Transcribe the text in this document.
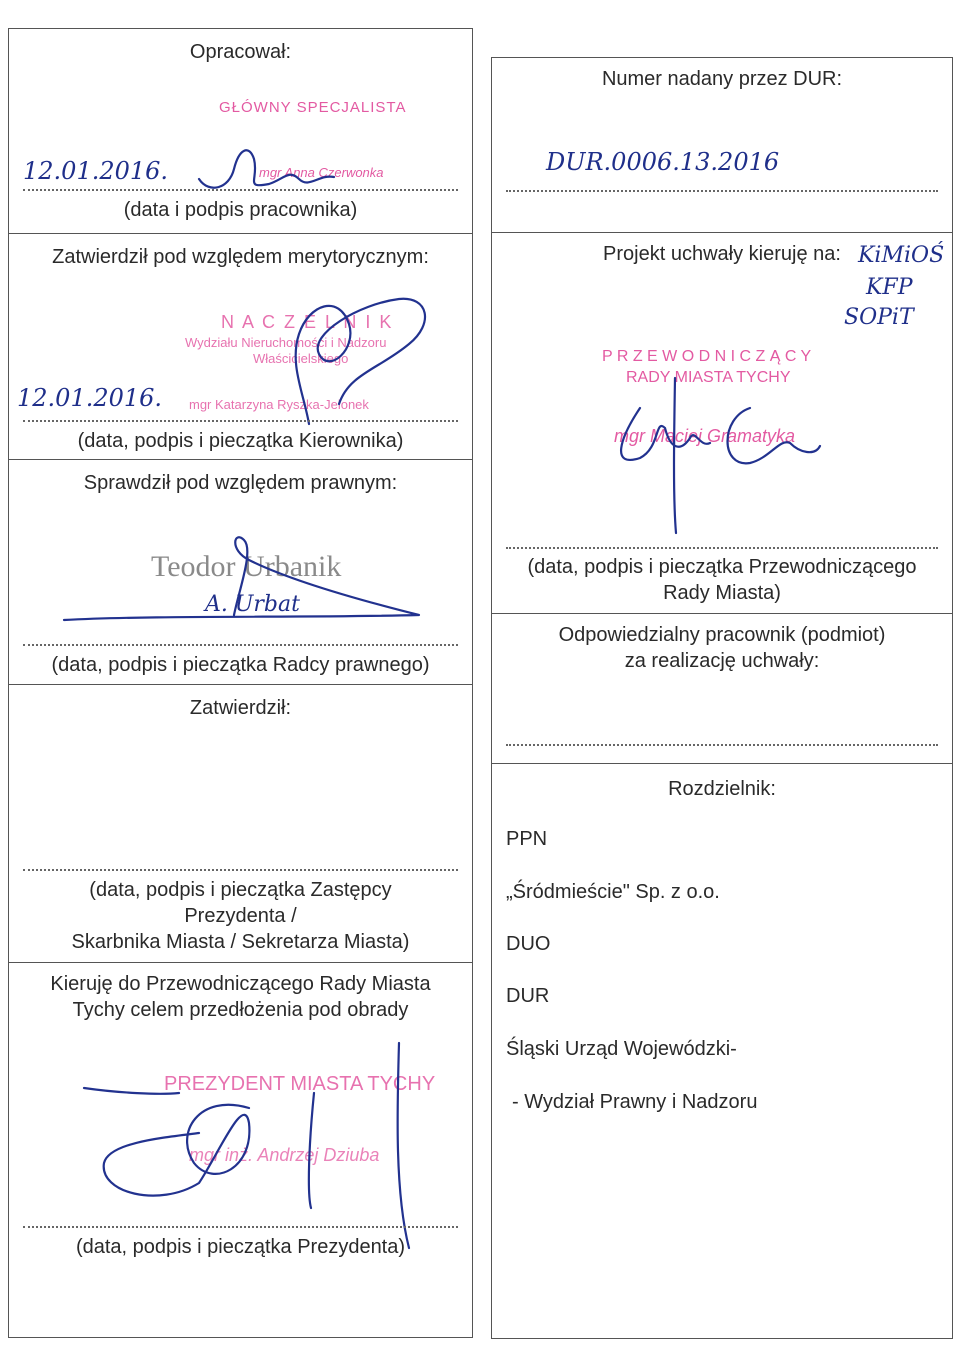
Opracował:
GŁÓWNY SPECJALISTA
mgr Anna Czerwonka
12.01.2016.
(data i podpis pracownika)
Zatwierdził pod względem merytorycznym:
N A C Z E L N I K
Wydziału Nieruchomości i Nadzoru
Właścicielskiego
mgr Katarzyna Ryszka-Jelonek
12.01.2016.
(data, podpis i pieczątka Kierownika)
Sprawdził pod względem prawnym:
Teodor Urbanik
A. Urbat
(data, podpis i pieczątka Radcy prawnego)
Zatwierdził:
(data, podpis i pieczątka Zastępcy
Prezydenta /
Skarbnika Miasta / Sekretarza Miasta)
Kieruję do Przewodniczącego Rady Miasta
Tychy celem przedłożenia pod obrady
PREZYDENT MIASTA TYCHY
mgr inż. Andrzej Dziuba
(data, podpis i pieczątka Prezydenta)
Numer nadany przez DUR:
DUR.0006.13.2016
Projekt uchwały kieruję na: KiMiOŚ
KFP
SOPiT
P R Z E W O D N I C Z Ą C Y
RADY MIASTA TYCHY
mgr Maciej Gramatyka
(data, podpis i pieczątka Przewodniczącego
Rady Miasta)
Odpowiedzialny pracownik (podmiot)
za realizację uchwały:
Rozdzielnik:
PPN
„Śródmieście" Sp. z o.o.
DUO
DUR
Śląski Urząd Wojewódzki-
- Wydział Prawny i Nadzoru
